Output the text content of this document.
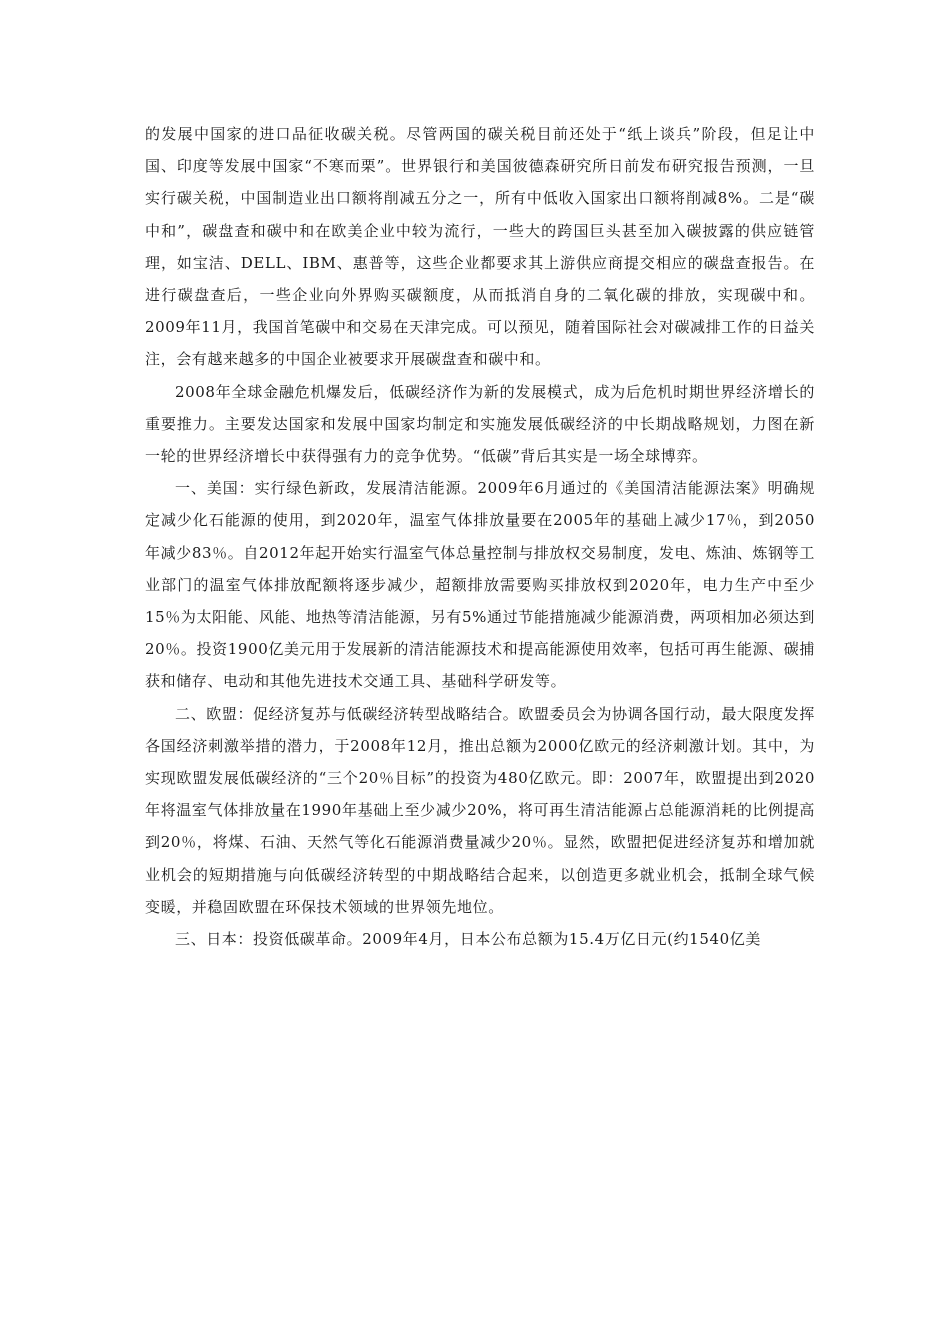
的发展中国家的进口品征收碳关税。尽管两国的碳关税目前还处于“纸上谈兵”阶段，但足让中国、印度等发展中国家“不寒而栗”。世界银行和美国彼德森研究所日前发布研究报告预测，一旦实行碳关税，中国制造业出口额将削减五分之一，所有中低收入国家出口额将削减8%。二是“碳中和”，碳盘查和碳中和在欧美企业中较为流行，一些大的跨国巨头甚至加入碳披露的供应链管理，如宝洁、DELL、IBM、惠普等，这些企业都要求其上游供应商提交相应的碳盘查报告。在进行碳盘查后，一些企业向外界购买碳额度，从而抵消自身的二氧化碳的排放，实现碳中和。2009年11月，我国首笔碳中和交易在天津完成。可以预见，随着国际社会对碳减排工作的日益关注，会有越来越多的中国企业被要求开展碳盘查和碳中和。

2008年全球金融危机爆发后，低碳经济作为新的发展模式，成为后危机时期世界经济增长的重要推力。主要发达国家和发展中国家均制定和实施发展低碳经济的中长期战略规划，力图在新一轮的世界经济增长中获得强有力的竞争优势。“低碳”背后其实是一场全球博弈。

一、美国：实行绿色新政，发展清洁能源。2009年6月通过的《美国清洁能源法案》明确规定减少化石能源的使用，到2020年，温室气体排放量要在2005年的基础上减少17％，到2050年减少83％。自2012年起开始实行温室气体总量控制与排放权交易制度，发电、炼油、炼钢等工业部门的温室气体排放配额将逐步减少，超额排放需要购买排放权到2020年，电力生产中至少15％为太阳能、风能、地热等清洁能源，另有5%通过节能措施减少能源消费，两项相加必须达到20％。投资1900亿美元用于发展新的清洁能源技术和提高能源使用效率，包括可再生能源、碳捕获和储存、电动和其他先进技术交通工具、基础科学研发等。

二、欧盟：促经济复苏与低碳经济转型战略结合。欧盟委员会为协调各国行动，最大限度发挥各国经济刺激举措的潜力，于2008年12月，推出总额为2000亿欧元的经济刺激计划。其中，为实现欧盟发展低碳经济的“三个20％目标”的投资为480亿欧元。即：2007年，欧盟提出到2020年将温室气体排放量在1990年基础上至少减少20%，将可再生清洁能源占总能源消耗的比例提高到20％，将煤、石油、天然气等化石能源消费量减少20％。显然，欧盟把促进经济复苏和增加就业机会的短期措施与向低碳经济转型的中期战略结合起来，以创造更多就业机会，抵制全球气候变暖，并稳固欧盟在环保技术领域的世界领先地位。

三、日本：投资低碳革命。2009年4月，日本公布总额为15.4万亿日元(约1540亿美
